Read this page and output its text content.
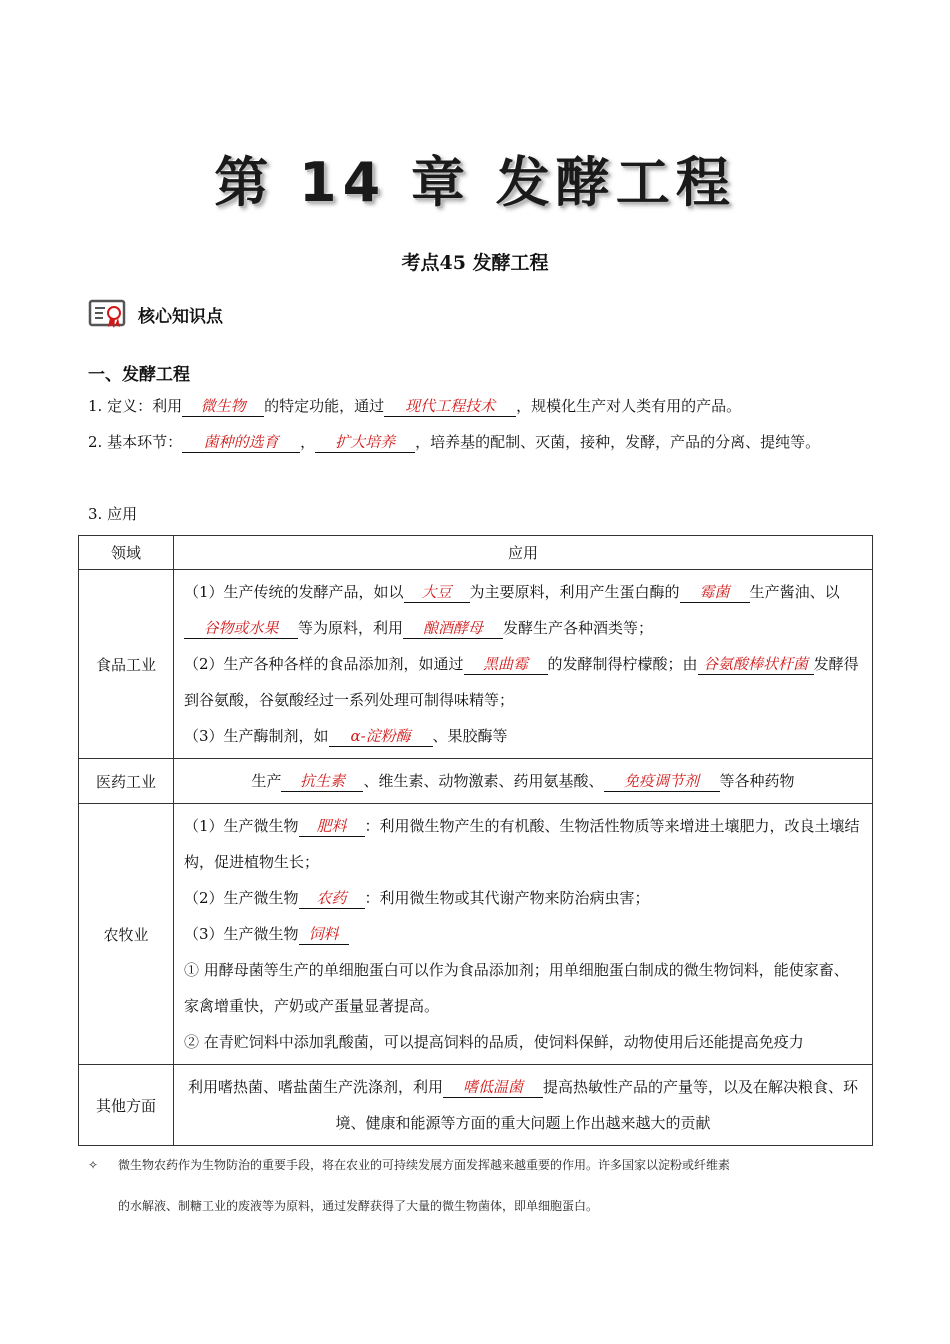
第 14 章 发酵工程
考点45 发酵工程
核心知识点
一、发酵工程
1. 定义：利用 微生物 的特定功能，通过 现代工程技术 ，规模化生产对人类有用的产品。
2. 基本环节： 菌种的选育 ， 扩大培养 ，培养基的配制、灭菌，接种，发酵，产品的分离、提纯等。
3. 应用
领域	应用
食品工业	（1）生产传统的发酵产品，如以 大豆 为主要原料，利用产生蛋白酶的 霉菌 生产酱油、以谷物或水果 等为原料，利用 酿酒酵母 发酵生产各种酒类等；
（2）生产各种各样的食品添加剂，如通过 黑曲霉 的发酵制得柠檬酸；由 谷氨酸棒状杆菌 发酵得到谷氨酸，谷氨酸经过一系列处理可制得味精等；
（3）生产酶制剂，如 α-淀粉酶 、果胶酶等

医药工业	生产 抗生素 、维生素、动物激素、药用氨基酸、 免疫调节剂 等各种药物
农牧业	（1）生产微生物 肥料 ：利用微生物产生的有机酸、生物活性物质等来增进土壤肥力，改良土壤结构，促进植物生长；
（2）生产微生物 农药 ：利用微生物或其代谢产物来防治病虫害；
（3）生产微生物 饲料
① 用酵母菌等生产的单细胞蛋白可以作为食品添加剂；用单细胞蛋白制成的微生物饲料，能使家畜、家禽增重快，产奶或产蛋量显著提高。
② 在青贮饲料中添加乳酸菌，可以提高饲料的品质，使饲料保鲜，动物使用后还能提高免疫力

其他方面	利用嗜热菌、嗜盐菌生产洗涤剂，利用 嗜低温菌 提高热敏性产品的产量等，以及在解决粮食、环境、健康和能源等方面的重大问题上作出越来越大的贡献
✧ 微生物农药作为生物防治的重要手段，将在农业的可持续发展方面发挥越来越重要的作用。许多国家以淀粉或纤维素
的水解液、制糖工业的废液等为原料，通过发酵获得了大量的微生物菌体，即单细胞蛋白。
